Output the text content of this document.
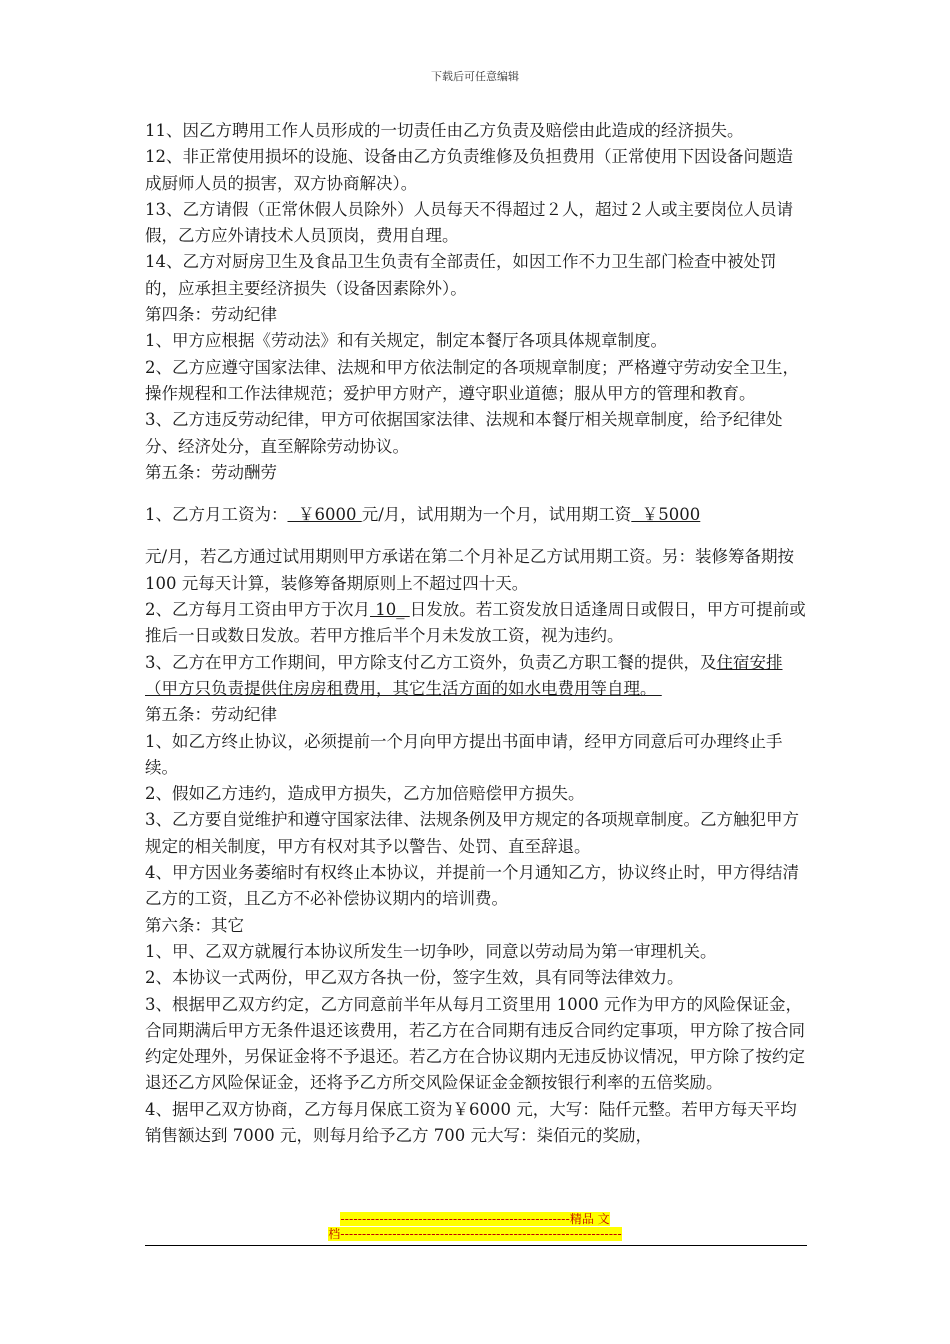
下载后可任意编辑

11、因乙方聘用工作人员形成的一切责任由乙方负责及赔偿由此造成的经济损失。

12、非正常使用损坏的设施、设备由乙方负责维修及负担费用（正常使用下因设备问题造成厨师人员的损害，双方协商解决）。

13、乙方请假（正常休假人员除外）人员每天不得超过２人，超过２人或主要岗位人员请假，乙方应外请技术人员顶岗，费用自理。

14、乙方对厨房卫生及食品卫生负责有全部责任，如因工作不力卫生部门检查中被处罚的，应承担主要经济损失（设备因素除外）。

第四条：劳动纪律

1、甲方应根据《劳动法》和有关规定，制定本餐厅各项具体规章制度。

2、乙方应遵守国家法律、法规和甲方依法制定的各项规章制度；严格遵守劳动安全卫生，操作规程和工作法律规范；爱护甲方财产，遵守职业道德；服从甲方的管理和教育。

3、乙方违反劳动纪律，甲方可依据国家法律、法规和本餐厅相关规章制度，给予纪律处分、经济处分，直至解除劳动协议。

第五条：劳动酬劳

1、乙方月工资为：  ￥6000 元/月，试用期为一个月，试用期工资  ￥5000

元/月，若乙方通过试用期则甲方承诺在第二个月补足乙方试用期工资。另：装修筹备期按 100 元每天计算，装修筹备期原则上不超过四十天。

2、乙方每月工资由甲方于次月 10_ 日发放。若工资发放日适逢周日或假日，甲方可提前或推后一日或数日发放。若甲方推后半个月未发放工资，视为违约。

3、乙方在甲方工作期间，甲方除支付乙方工资外，负责乙方职工餐的提供，及住宿安排（甲方只负责提供住房房租费用，其它生活方面的如水电费用等自理。

第五条：劳动纪律

1、如乙方终止协议，必须提前一个月向甲方提出书面申请，经甲方同意后可办理终止手续。

2、假如乙方违约，造成甲方损失，乙方加倍赔偿甲方损失。

3、乙方要自觉维护和遵守国家法律、法规条例及甲方规定的各项规章制度。乙方触犯甲方规定的相关制度，甲方有权对其予以警告、处罚、直至辞退。

4、甲方因业务萎缩时有权终止本协议，并提前一个月通知乙方，协议终止时，甲方得结清乙方的工资，且乙方不必补偿协议期内的培训费。

第六条：其它

1、甲、乙双方就履行本协议所发生一切争吵，同意以劳动局为第一审理机关。

2、本协议一式两份，甲乙双方各执一份，签字生效，具有同等法律效力。

3、根据甲乙双方约定，乙方同意前半年从每月工资里用 1000 元作为甲方的风险保证金，合同期满后甲方无条件退还该费用，若乙方在合同期有违反合同约定事项，甲方除了按合同约定处理外，另保证金将不予退还。若乙方在合协议期内无违反协议情况，甲方除了按约定退还乙方风险保证金，还将予乙方所交风险保证金金额按银行利率的五倍奖励。

4、据甲乙双方协商，乙方每月保底工资为￥6000 元，大写：陆仟元整。若甲方每天平均销售额达到 7000 元，则每月给予乙方 700 元大写：柒佰元的奖励，

-----------------------------------------------------精品 文
档-----------------------------------------------------------------
